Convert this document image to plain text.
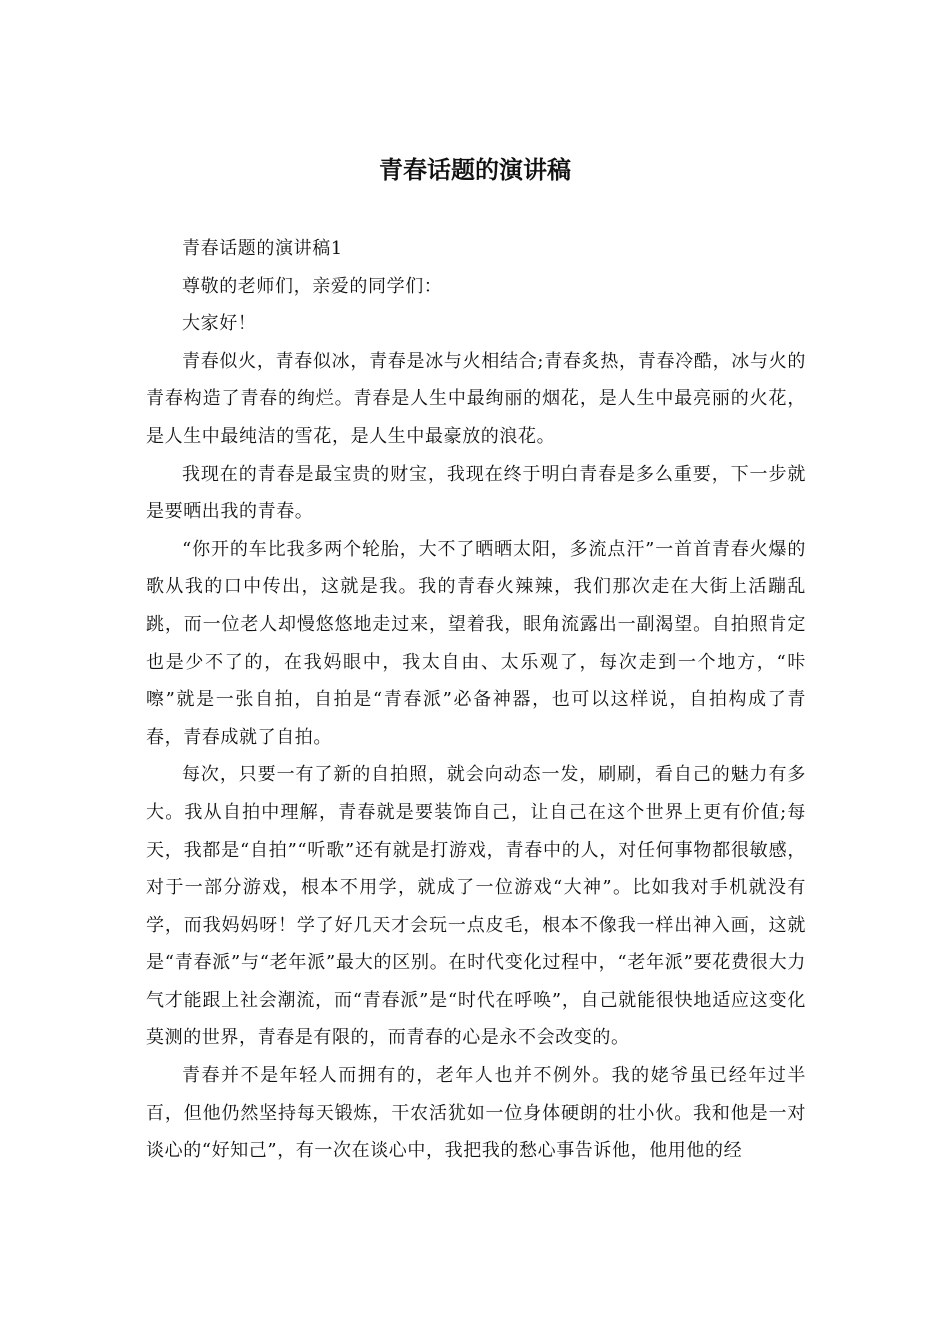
青春话题的演讲稿

青春话题的演讲稿1

尊敬的老师们，亲爱的同学们：

大家好！

青春似火，青春似冰，青春是冰与火相结合;青春炙热，青春冷酷，冰与火的青春构造了青春的绚烂。青春是人生中最绚丽的烟花，是人生中最亮丽的火花，是人生中最纯洁的雪花，是人生中最豪放的浪花。

我现在的青春是最宝贵的财宝，我现在终于明白青春是多么重要，下一步就是要晒出我的青春。

“你开的车比我多两个轮胎，大不了晒晒太阳，多流点汗”一首首青春火爆的歌从我的口中传出，这就是我。我的青春火辣辣，我们那次走在大街上活蹦乱跳，而一位老人却慢悠悠地走过来，望着我，眼角流露出一副渴望。自拍照肯定也是少不了的，在我妈眼中，我太自由、太乐观了，每次走到一个地方，“咔嚓”就是一张自拍，自拍是“青春派”必备神器，也可以这样说，自拍构成了青春，青春成就了自拍。

每次，只要一有了新的自拍照，就会向动态一发，刷刷，看自己的魅力有多大。我从自拍中理解，青春就是要装饰自己，让自己在这个世界上更有价值;每天，我都是“自拍”“听歌”还有就是打游戏，青春中的人，对任何事物都很敏感，对于一部分游戏，根本不用学，就成了一位游戏“大神”。比如我对手机就没有学，而我妈妈呀！学了好几天才会玩一点皮毛，根本不像我一样出神入画，这就是“青春派”与“老年派”最大的区别。在时代变化过程中，“老年派”要花费很大力气才能跟上社会潮流，而“青春派”是“时代在呼唤”，自己就能很快地适应这变化莫测的世界，青春是有限的，而青春的心是永不会改变的。

青春并不是年轻人而拥有的，老年人也并不例外。我的姥爷虽已经年过半百，但他仍然坚持每天锻炼，干农活犹如一位身体硬朗的壮小伙。我和他是一对谈心的“好知己”，有一次在谈心中，我把我的愁心事告诉他，他用他的经
